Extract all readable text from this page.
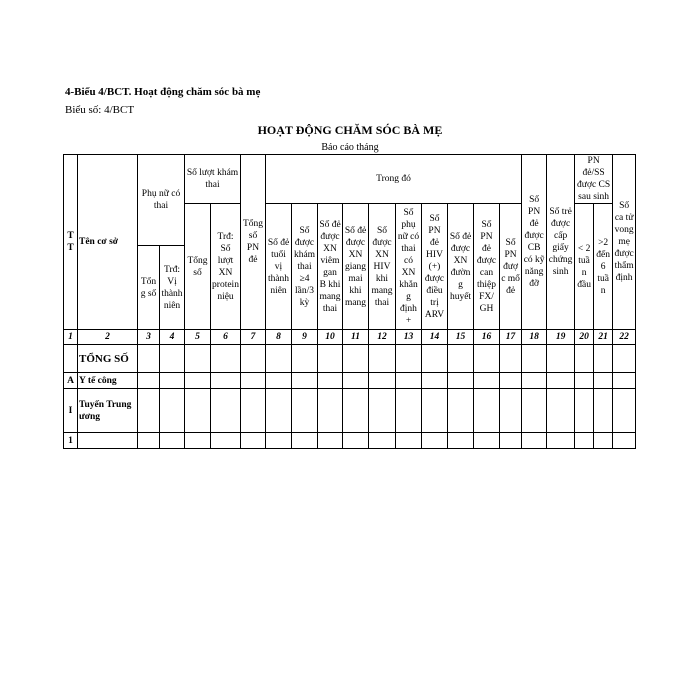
4-Biểu 4/BCT. Hoạt động chăm sóc bà mẹ
Biểu số: 4/BCT
HOẠT ĐỘNG CHĂM SÓC BÀ MẸ
Báo cáo tháng
TT	Tên cơ sở	Phụ nữ có thai		Số lượt khám thai		Tổng số PN đẻ	Trong đó										Số PN đẻ được CB có kỹ năng đỡ	Số trẻ được cấp giấy chứng sinh	PN đẻ/SS được CS sau sinh		Số ca tử vong mẹ được thẩm định
				Tổng số	Trđ: Số lượt XN protein niệu		Số đẻ tuổi vị thành niên	Số được khám thai ≥4 lần/3 kỳ	Số đẻ được XN viêm gan B khi mang thai	Số đẻ được XN giang mai khi mang	Số được XN HIV khi mang thai	Số phụ nữ có thai có XN khẳng định +	Số PN đẻ HIV (+) được điều trị ARV	Số đẻ được XN đường huyết	Số PN đẻ được can thiệp FX/ GH	Số PN được mổ đẻ			< 2 tuần đầu	>2 đến 6 tuần	
		Tổng số	Trđ: Vị thành niên																		
1	2	3	4	5	6	7	8	9	10	11	12	13	14	15	16	17	18	19	20	21	22
	TỔNG SỐ																				
A	Y tế công																				
I	Tuyến Trung ương																				
1																					
